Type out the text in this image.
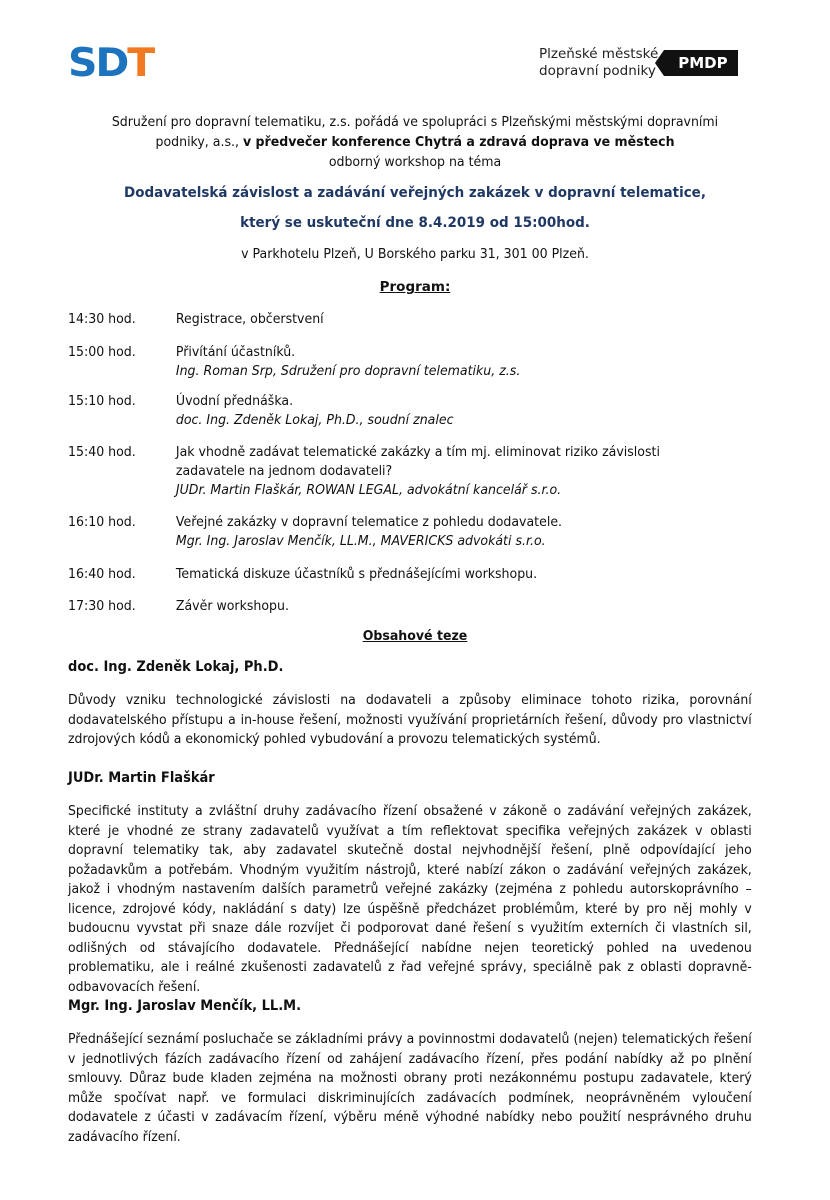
SDT	Plzeňské městské
dopravní podniky	PMDP
Sdružení pro dopravní telematiku, z.s. pořádá ve spolupráci s Plzeňskými městskými dopravními
podniky, a.s., v předvečer konference Chytrá a zdravá doprava ve městech
odborný workshop na téma
Dodavatelská závislost a zadávání veřejných zakázek v dopravní telematice,
který se uskuteční dne 8.4.2019 od 15:00hod.
v Parkhotelu Plzeň, U Borského parku 31, 301 00 Plzeň.
Program:
14:30 hod.	Registrace, občerstvení
15:00 hod.	Přivítání účastníků.
Ing. Roman Srp, Sdružení pro dopravní telematiku, z.s.
15:10 hod.	Úvodní přednáška.
doc. Ing. Zdeněk Lokaj, Ph.D., soudní znalec
15:40 hod.	Jak vhodně zadávat telematické zakázky a tím mj. eliminovat riziko závislosti
zadavatele na jednom dodavateli?
JUDr. Martin Flaškár, ROWAN LEGAL, advokátní kancelář s.r.o.
16:10 hod.	Veřejné zakázky v dopravní telematice z pohledu dodavatele.
Mgr. Ing. Jaroslav Menčík, LL.M., MAVERICKS advokáti s.r.o.
16:40 hod.	Tematická diskuze účastníků s přednášejícími workshopu.
17:30 hod.	Závěr workshopu.
Obsahové teze
doc. Ing. Zdeněk Lokaj, Ph.D.
Důvody vzniku technologické závislosti na dodavateli a způsoby eliminace tohoto rizika, porovnání dodavatelského přístupu a in-house řešení, možnosti využívání proprietárních řešení, důvody pro vlastnictví zdrojových kódů a ekonomický pohled vybudování a provozu telematických systémů.
JUDr. Martin Flaškár
Specifické instituty a zvláštní druhy zadávacího řízení obsažené v zákoně o zadávání veřejných zakázek, které je vhodné ze strany zadavatelů využívat a tím reflektovat specifika veřejných zakázek v oblasti dopravní telematiky tak, aby zadavatel skutečně dostal nejvhodnější řešení, plně odpovídající jeho požadavkům a potřebám. Vhodným využitím nástrojů, které nabízí zákon o zadávání veřejných zakázek, jakož i vhodným nastavením dalších parametrů veřejné zakázky (zejména z pohledu autorskoprávního – licence, zdrojové kódy, nakládání s daty) lze úspěšně předcházet problémům, které by pro něj mohly v budoucnu vyvstat při snaze dále rozvíjet či podporovat dané řešení s využitím externích či vlastních sil, odlišných od stávajícího dodavatele. Přednášející nabídne nejen teoretický pohled na uvedenou problematiku, ale i reálné zkušenosti zadavatelů z řad veřejné správy, speciálně pak z oblasti dopravně-odbavovacích řešení.
Mgr. Ing. Jaroslav Menčík, LL.M.
Přednášející seznámí posluchače se základními právy a povinnostmi dodavatelů (nejen) telematických řešení v jednotlivých fázích zadávacího řízení od zahájení zadávacího řízení, přes podání nabídky až po plnění smlouvy. Důraz bude kladen zejména na možnosti obrany proti nezákonnému postupu zadavatele, který může spočívat např. ve formulaci diskriminujících zadávacích podmínek, neoprávněném vyloučení dodavatele z účasti v zadávacím řízení, výběru méně výhodné nabídky nebo použití nesprávného druhu zadávacího řízení.
